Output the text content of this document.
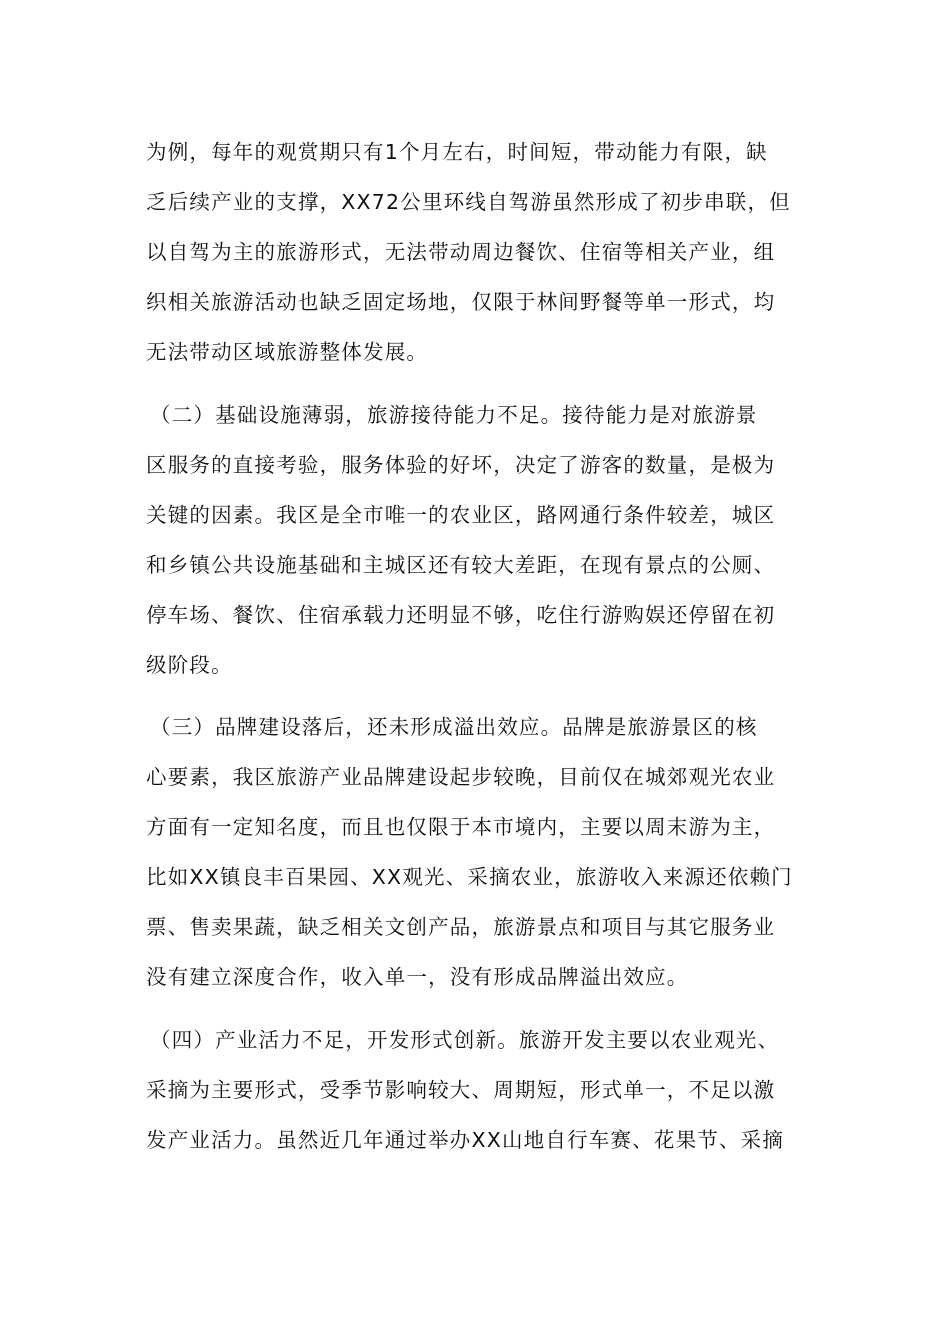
为例，每年的观赏期只有1个月左右，时间短，带动能力有限，缺
乏后续产业的支撑，XX72公里环线自驾游虽然形成了初步串联，但
以自驾为主的旅游形式，无法带动周边餐饮、住宿等相关产业，组
织相关旅游活动也缺乏固定场地，仅限于林间野餐等单一形式，均
无法带动区域旅游整体发展。
（二）基础设施薄弱，旅游接待能力不足。接待能力是对旅游景
区服务的直接考验，服务体验的好坏，决定了游客的数量，是极为
关键的因素。我区是全市唯一的农业区，路网通行条件较差，城区
和乡镇公共设施基础和主城区还有较大差距，在现有景点的公厕、
停车场、餐饮、住宿承载力还明显不够，吃住行游购娱还停留在初
级阶段。
（三）品牌建设落后，还未形成溢出效应。品牌是旅游景区的核
心要素，我区旅游产业品牌建设起步较晚，目前仅在城郊观光农业
方面有一定知名度，而且也仅限于本市境内，主要以周末游为主，
比如XX镇良丰百果园、XX观光、采摘农业，旅游收入来源还依赖门
票、售卖果蔬，缺乏相关文创产品，旅游景点和项目与其它服务业
没有建立深度合作，收入单一，没有形成品牌溢出效应。
（四）产业活力不足，开发形式创新。旅游开发主要以农业观光、
采摘为主要形式，受季节影响较大、周期短，形式单一，不足以激
发产业活力。虽然近几年通过举办XX山地自行车赛、花果节、采摘
